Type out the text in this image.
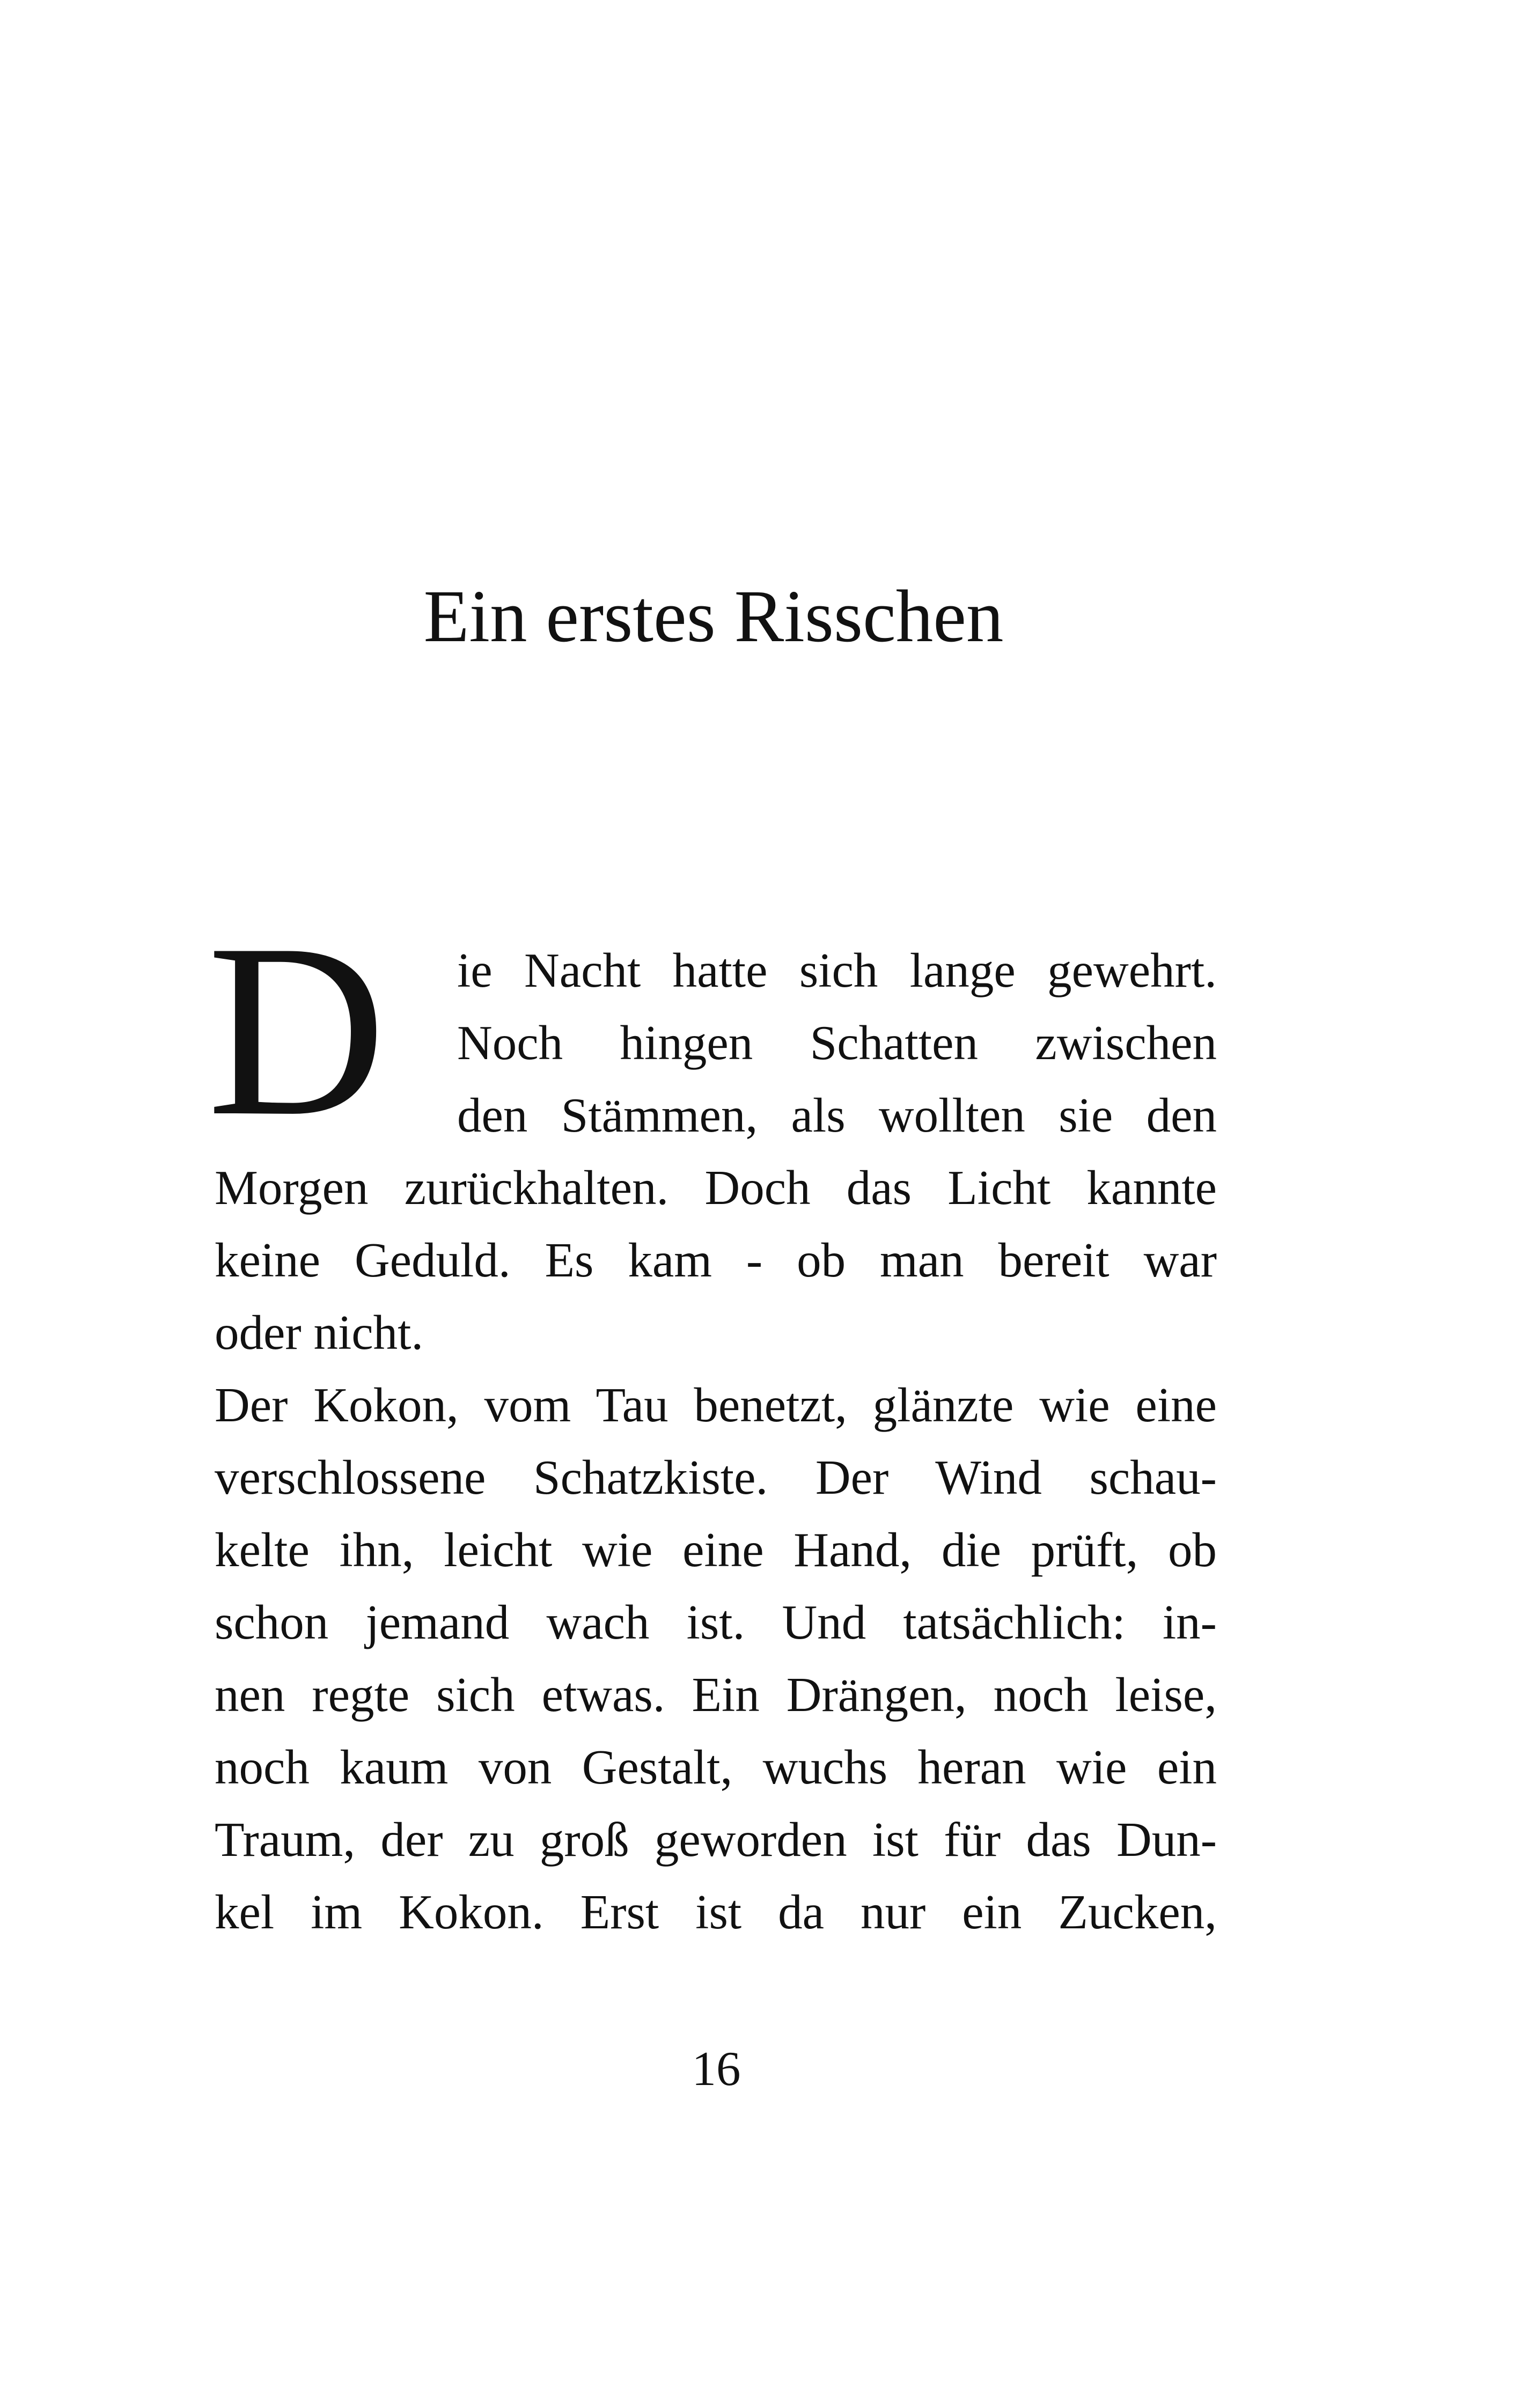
Ein erstes Risschen
D	ie Nacht hatte sich lange gewehrt.
Noch hingen Schatten zwischen
den Stämmen, als wollten sie den
Morgen zurückhalten. Doch das Licht kannte
keine Geduld. Es kam - ob man bereit war
oder nicht.
Der Kokon, vom Tau benetzt, glänzte wie eine
verschlossene Schatzkiste. Der Wind schau-
kelte ihn, leicht wie eine Hand, die prüft, ob
schon jemand wach ist. Und tatsächlich: in-
nen regte sich etwas. Ein Drängen, noch leise,
noch kaum von Gestalt, wuchs heran wie ein
Traum, der zu groß geworden ist für das Dun-
kel im Kokon. Erst ist da nur ein Zucken,
16
